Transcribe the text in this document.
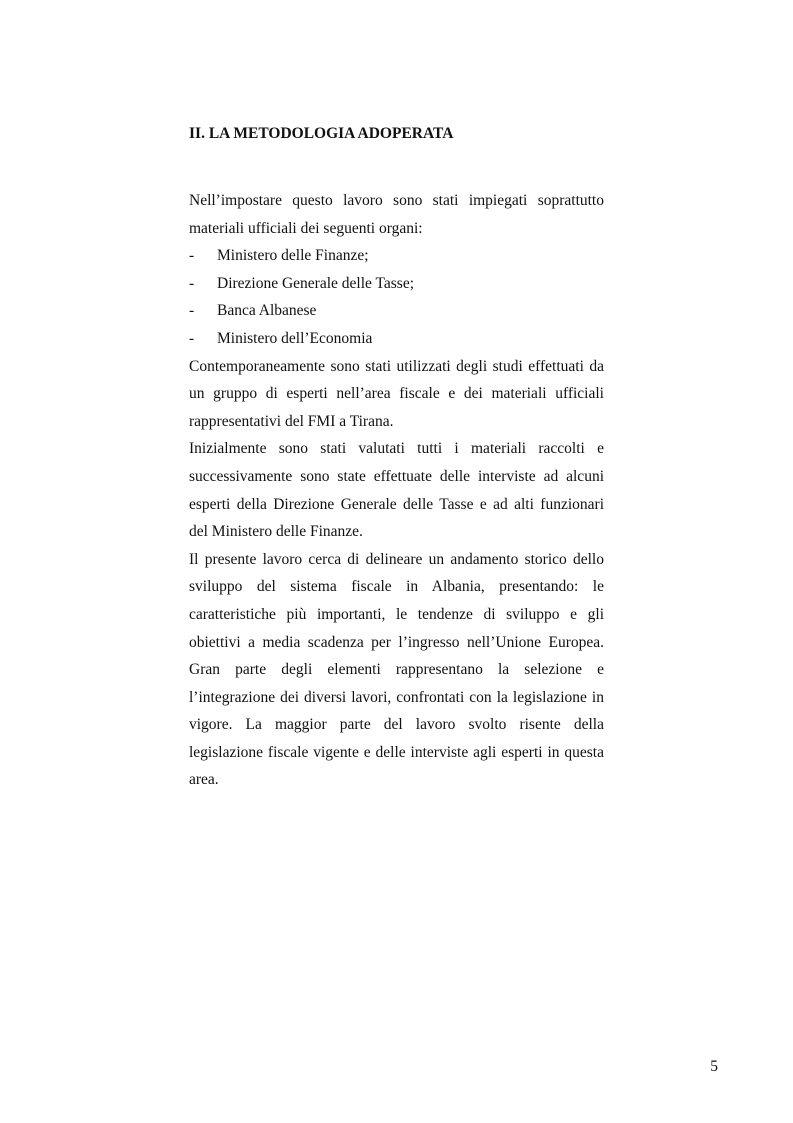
II. LA METODOLOGIA ADOPERATA

Nell’impostare questo lavoro sono stati impiegati soprattutto materiali ufficiali dei seguenti organi:

- Ministero delle Finanze;
- Direzione Generale delle Tasse;
- Banca Albanese
- Ministero dell’Economia

Contemporaneamente sono stati utilizzati degli studi effettuati da un gruppo di esperti nell’area fiscale e dei materiali ufficiali rappresentativi del FMI a Tirana.

Inizialmente sono stati valutati tutti i materiali raccolti e successivamente sono state effettuate delle interviste ad alcuni esperti della Direzione Generale delle Tasse e ad alti funzionari del Ministero delle Finanze.

Il presente lavoro cerca di delineare un andamento storico dello sviluppo del sistema fiscale in Albania, presentando: le caratteristiche più importanti, le tendenze di sviluppo e gli obiettivi a media scadenza per l’ingresso nell’Unione Europea. Gran parte degli elementi rappresentano la selezione e l’integrazione dei diversi lavori, confrontati con la legislazione in vigore. La maggior parte del lavoro svolto risente della legislazione fiscale vigente e delle interviste agli esperti in questa area.

5
